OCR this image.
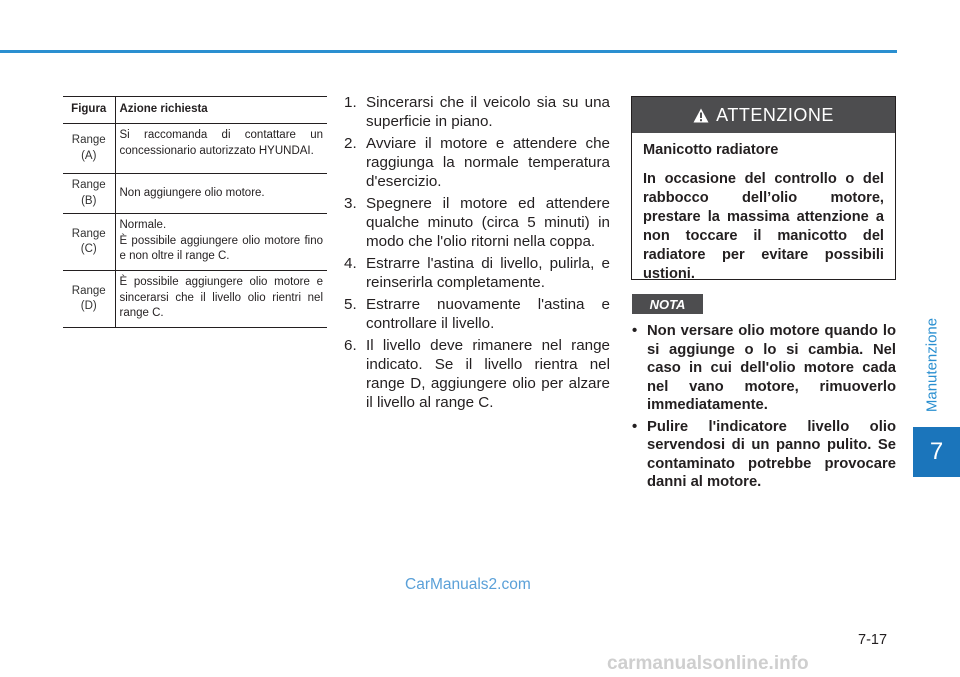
Manutenzione
7
Figura	Azione richiesta
Range (A)	Si raccomanda di contattare un concessionario autorizzato HYUNDAI.
Range (B)	Non aggiungere olio motore.
Range (C)	Normale.
È possibile aggiungere olio motore fino e non oltre il range C.

Range (D)	È possibile aggiungere olio motore e sincerarsi che il livello olio rientri nel range C.
1. Sincerarsi che il veicolo sia su una superficie in piano.
2. Avviare il motore e attendere che raggiunga la normale temperatura d'esercizio.
3. Spegnere il motore ed attendere qualche minuto (circa 5 minuti) in modo che l'olio ritorni nella coppa.
4. Estrarre l'astina di livello, pulirla, e reinserirla completamente.
5. Estrarre nuovamente l'astina e controllare il livello.
6. Il livello deve rimanere nel range indicato. Se il livello rientra nel range D, aggiungere olio per alzare il livello al range C.
ATTENZIONE
Manicotto radiatore
In occasione del controllo o del rabbocco dell’olio motore, prestare la massima attenzione a non toccare il manicotto del radiatore per evitare possibili ustioni.
NOTA
• Non versare olio motore quando lo si aggiunge o lo si cambia. Nel caso in cui dell'olio motore cada nel vano motore, rimuoverlo immediatamente.
• Pulire l'indicatore livello olio servendosi di un panno pulito. Se contaminato potrebbe provocare danni al motore.
CarManuals2.com
7-17
carmanualsonline.info
